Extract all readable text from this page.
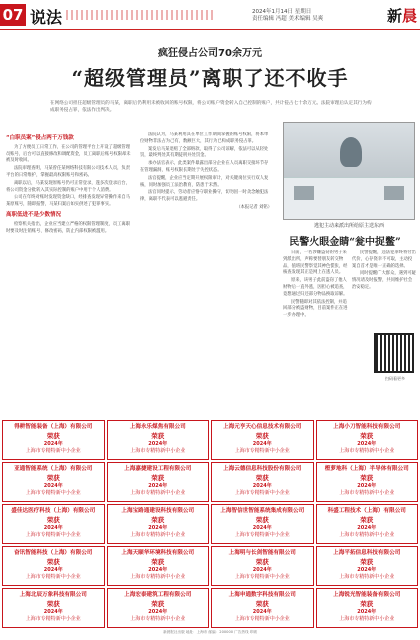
07 说法	2024年1月14日 星期日
责任编辑 冯超 美术编辑 吴爽	新晨
疯狂侵占公司70余万元
“超级管理员”离职了还不收手
在网络公司担任超级管理员的马某，离职后仍利用未被收回的账号权限，将公司账户资金转入自己控制的账户，共计侵占七十余万元。法院审理后认定其行为构成职务侵占罪，依法作出判决。
“白职员案”侵占两千万钱款

为了方便员工日常工作，在公司的管理平台上开设了超级管理员账号，后台可以直接修改和调配资金，员工离职后账号权限却未被及时收回。

法院审理查明，马某曾任某网络科技有限公司技术人员，负责平台的日常维护，掌握最高权限账号和密码。

离职以后，马某发现原账号仍可正常登录，遂多次登录后台，将公司资金分批转入其实际控制的账户中用于个人消费。

公司在年终对账时发现资金缺口，经排查发现异常操作来自马某原账号，随即报警，马某归案后如实供述了犯罪事实。

高职低进不是少数情况

检察机关指出，企业应当建立严格的权限管理制度，员工离职时要及时注销账号、修改密码，防止内部权限被滥用。

法院认为，马某利用其在单位工作期间掌握的账号权限，将本单位财物非法占为己有，数额巨大，其行为已构成职务侵占罪。

案发后马某退赔了全部赃款，取得了公司谅解，依法可以从轻处罚，最终判处其有期徒刑并处罚金。

承办法官表示，此类案件暴露出部分企业在人员离职交接环节存在管理漏洞，账号权限长期处于失控状态。

法官提醒，企业应当定期开展权限审计，对关键岗位实行双人复核，同时加强员工法治教育，防患于未然。

法官同时提示，劳动者应恪守职业操守，切勿因一时贪念触犯法律，离职不代表可以逃避责任。

（本报记者 刘铭）

逃犯主动来派出所给原主送东西
民警火眼金睛“瓮中捉鳖”

日前，一名涉嫌盗窃的男子来到派出所，声称要替朋友转交物品，值班民警察觉其神色慌张，经核查发现其正是网上在逃人员。

原来，该男子此前盗窃了他人财物后一直外逃，因担心被追查，竟想通过归还部分物品换取谅解。

民警随即对其依法控制，并追回部分被盗财物，目前案件正在进一步办理中。

民警提醒，违法犯罪终将付出代价，心存侥幸不可取，主动投案自首才是唯一正确的选择。

同时提醒广大群众，遇到可疑情况请及时报警，共同维护社会治安稳定。

扫码看更多
得耕智能装备（上海）有限公司
荣获
2024年
上海市专精特新中小企业
上海永乐煤焦有限公司
荣获
2024年
上海市专精特新中小企业
上海元亨天心信息技术有限公司
荣获
2024年
上海市专精特新中小企业
上海小刀智能科技有限公司
荣获
2024年
上海市专精特新中小企业
亚通智能系统（上海）有限公司
荣获
2024年
上海市专精特新中小企业
上海嘉捷建设工程有限公司
荣获
2024年
上海市专精特新中小企业
上海云德信息科技股份有限公司
荣获
2024年
上海市专精特新中小企业
橙萝地科（上海）半导体有限公司
荣获
2024年
上海市专精特新中小企业
盛佳达医疗科技（上海）有限公司
荣获
2024年
上海市专精特新中小企业
上海宝路通建设科技有限公司
荣获
2024年
上海市专精特新中小企业
上海智信世智能系统集成有限公司
荣获
2024年
上海市专精特新中小企业
科盛工程技术（上海）有限公司
荣获
2024年
上海市专精特新中小企业
奋讯智能科技（上海）有限公司
荣获
2024年
上海市专精特新中小企业
上海天颐华环境科技有限公司
荣获
2024年
上海市专精特新中小企业
上海明与长剑智能有限公司
荣获
2024年
上海市专精特新中小企业
上海平拓信息科技有限公司
荣获
2024年
上海市专精特新中小企业
上海北辰万象科技有限公司
荣获
2024年
上海市专精特新中小企业
上海宏泰建筑工程有限公司
荣获
2024年
上海市专精特新中小企业
上海申通数字科技有限公司
荣获
2024年
上海市专精特新中小企业
上海锐光智能装备有限公司
荣获
2024年
上海市专精特新中小企业
新晨报社出版 地址：上海市 邮编：200000 广告热线 印刷
